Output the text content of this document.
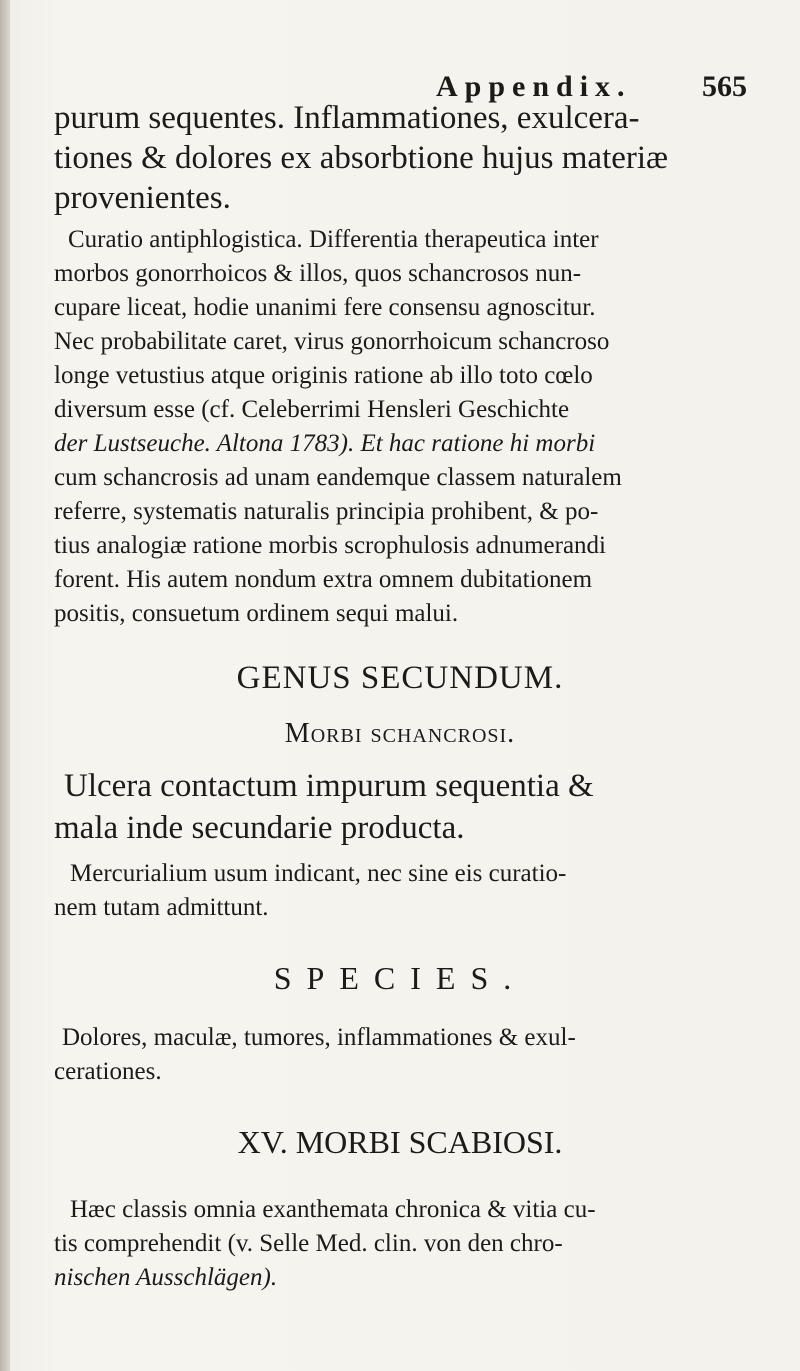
Appendix. 565
purum sequentes. Inflammationes, exulcera-
tiones & dolores ex absorbtione hujus materiæ
provenientes.
Curatio antiphlogistica. Differentia therapeutica inter
morbos gonorrhoicos & illos, quos schancrosos nun-
cupare liceat, hodie unanimi fere consensu agnoscitur.
Nec probabilitate caret, virus gonorrhoicum schancroso
longe vetustius atque originis ratione ab illo toto cœlo
diversum esse (cf. Celeberrimi Hensleri Geschichte
der Lustseuche. Altona 1783). Et hac ratione hi morbi
cum schancrosis ad unam eandemque classem naturalem
referre, systematis naturalis principia prohibent, & po-
tius analogiæ ratione morbis scrophulosis adnumerandi
forent. His autem nondum extra omnem dubitationem
positis, consuetum ordinem sequi malui.
GENUS SECUNDUM.
Morbi schancrosi.
Ulcera contactum impurum sequentia &
mala inde secundarie producta.
Mercurialium usum indicant, nec sine eis curatio-
nem tutam admittunt.
SPECIES.
Dolores, maculæ, tumores, inflammationes & exul-
cerationes.
XV. MORBI SCABIOSI.
Hæc classis omnia exanthemata chronica & vitia cu-
tis comprehendit (v. Selle Med. clin. von den chro-
nischen Ausschlägen).
